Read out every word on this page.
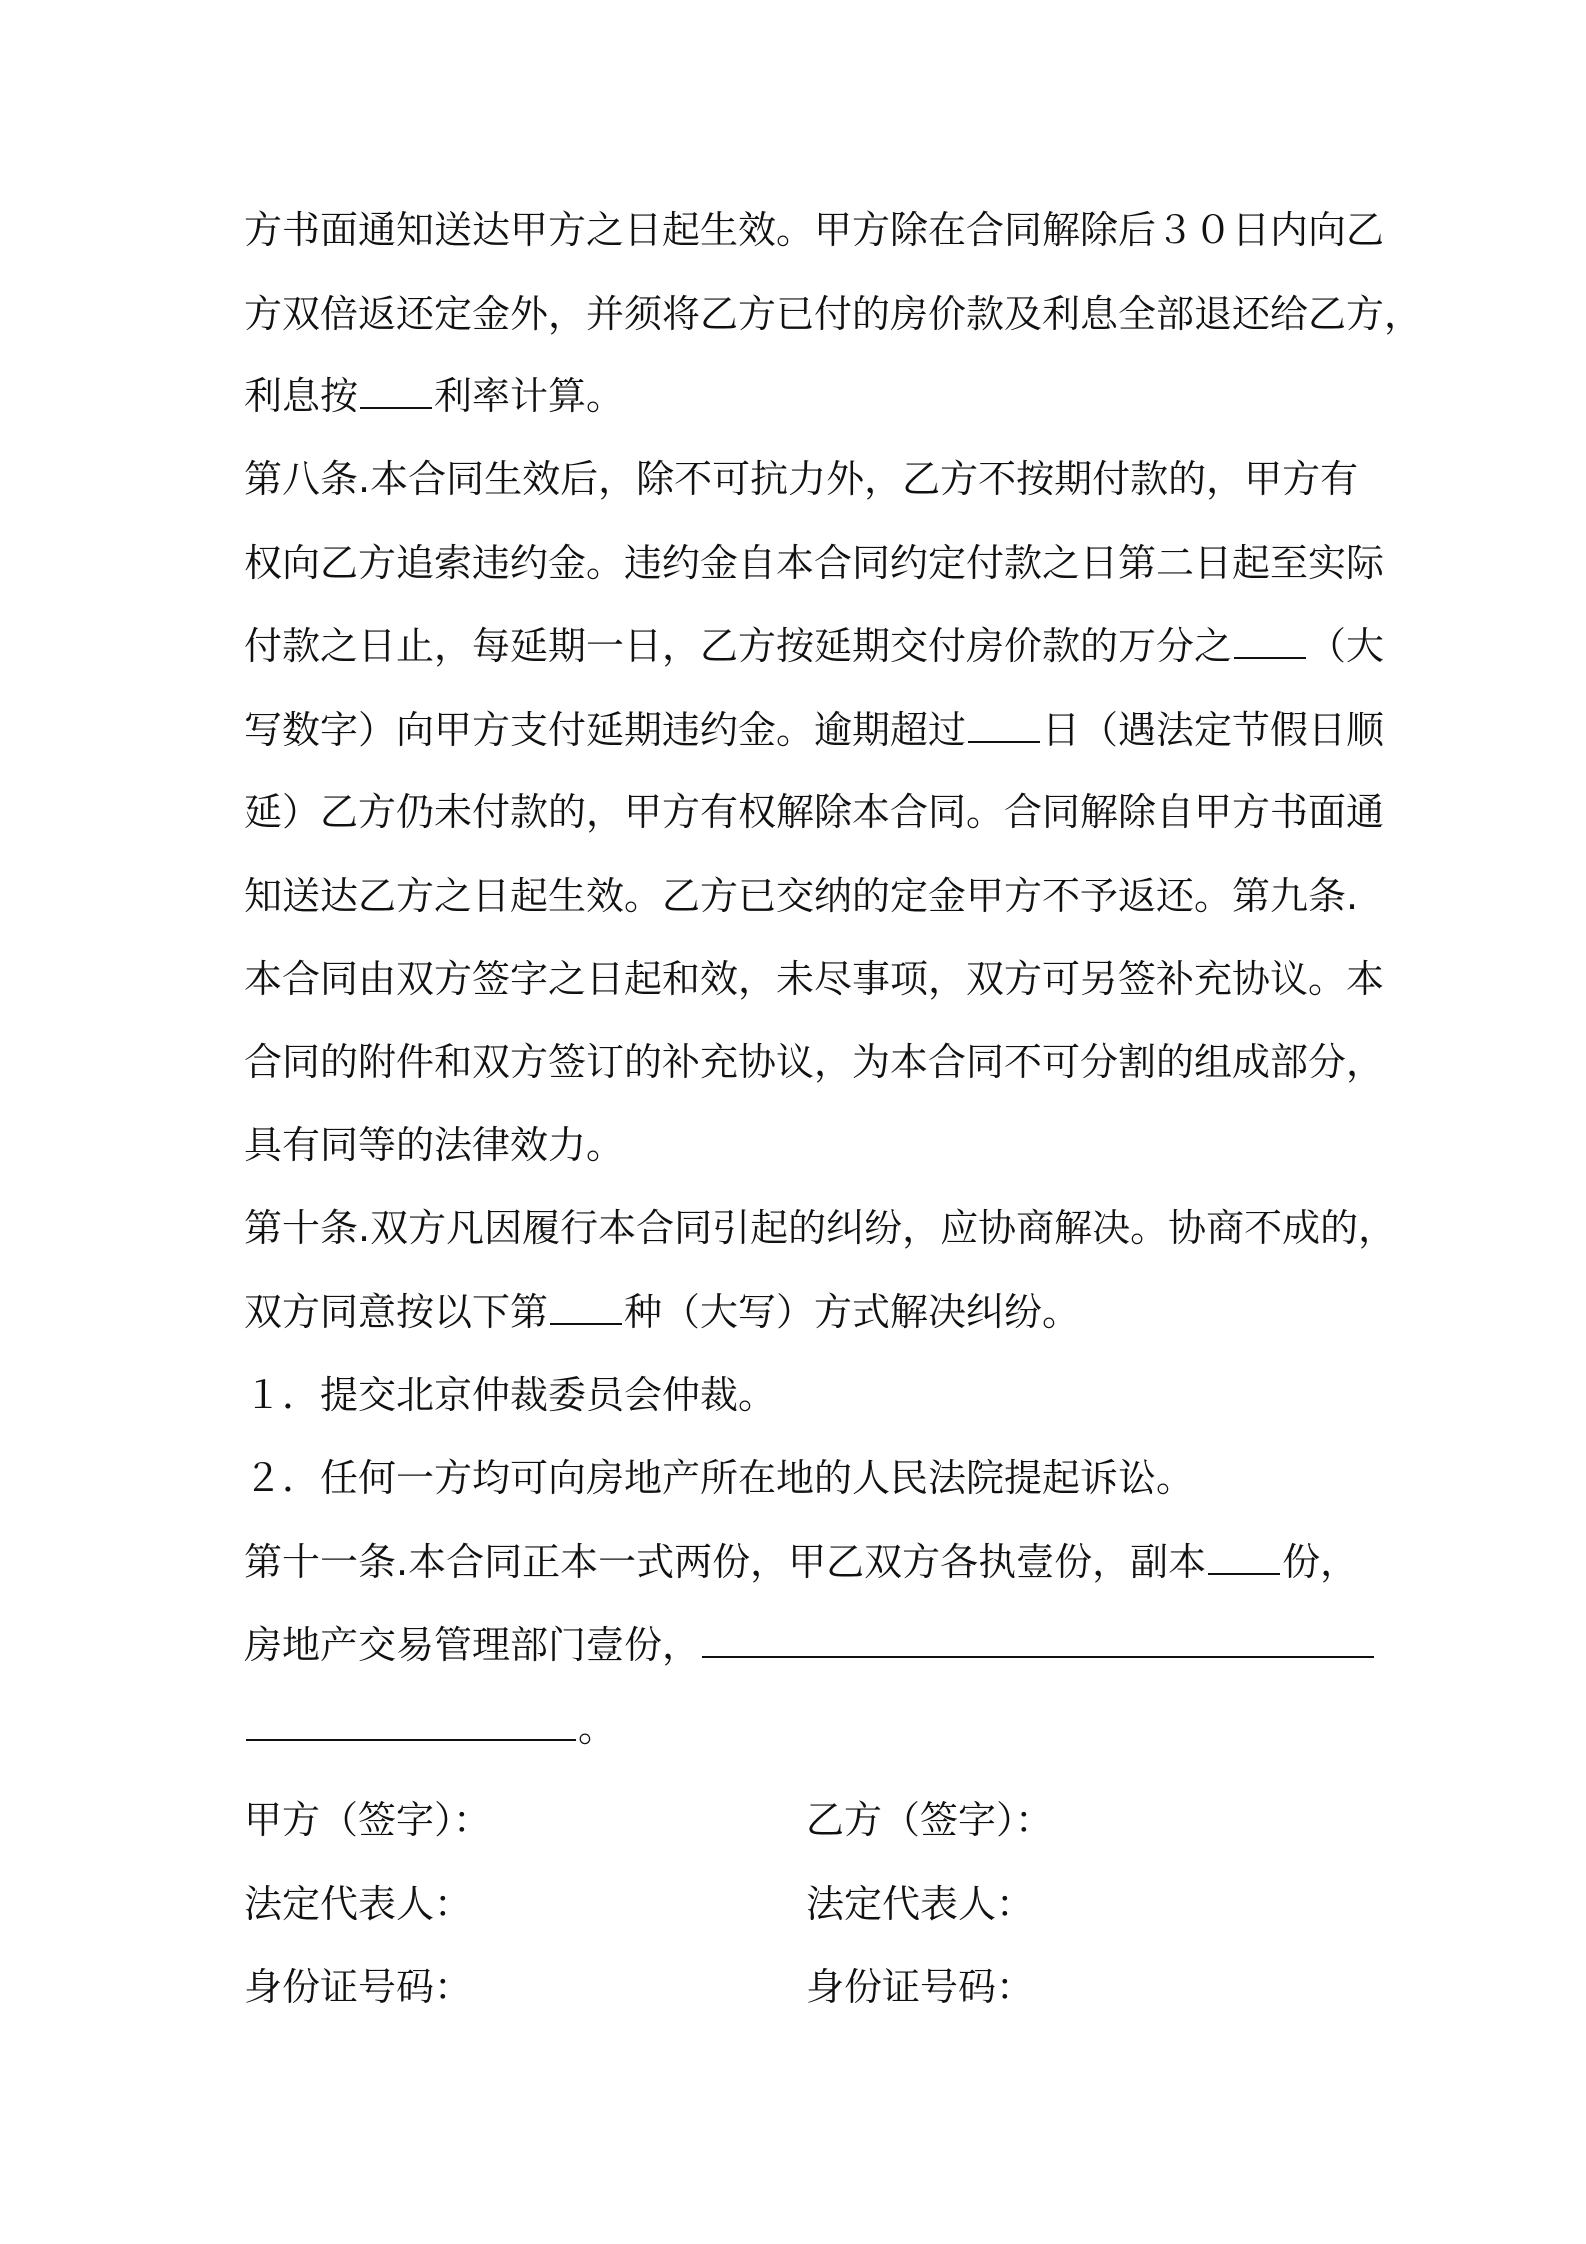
方书面通知送达甲方之日起生效。甲方除在合同解除后３０日内向乙
方双倍返还定金外，并须将乙方已付的房价款及利息全部退还给乙方，
利息按 利率计算。
第八条.本合同生效后，除不可抗力外，乙方不按期付款的，甲方有
权向乙方追索违约金。违约金自本合同约定付款之日第二日起至实际
付款之日止，每延期一日，乙方按延期交付房价款的万分之 （大
写数字）向甲方支付延期违约金。逾期超过 日（遇法定节假日顺
延）乙方仍未付款的，甲方有权解除本合同。合同解除自甲方书面通
知送达乙方之日起生效。乙方已交纳的定金甲方不予返还。第九条.
本合同由双方签字之日起和效，未尽事项，双方可另签补充协议。本
合同的附件和双方签订的补充协议，为本合同不可分割的组成部分，
具有同等的法律效力。
第十条.双方凡因履行本合同引起的纠纷，应协商解决。协商不成的，
双方同意按以下第 种（大写）方式解决纠纷。
１．提交北京仲裁委员会仲裁。
２．任何一方均可向房地产所在地的人民法院提起诉讼。
第十一条.本合同正本一式两份，甲乙双方各执壹份，副本 份，
房地产交易管理部门壹份，
。
甲方（签字）：	乙方（签字）：
法定代表人：	法定代表人：
身份证号码：	身份证号码：
